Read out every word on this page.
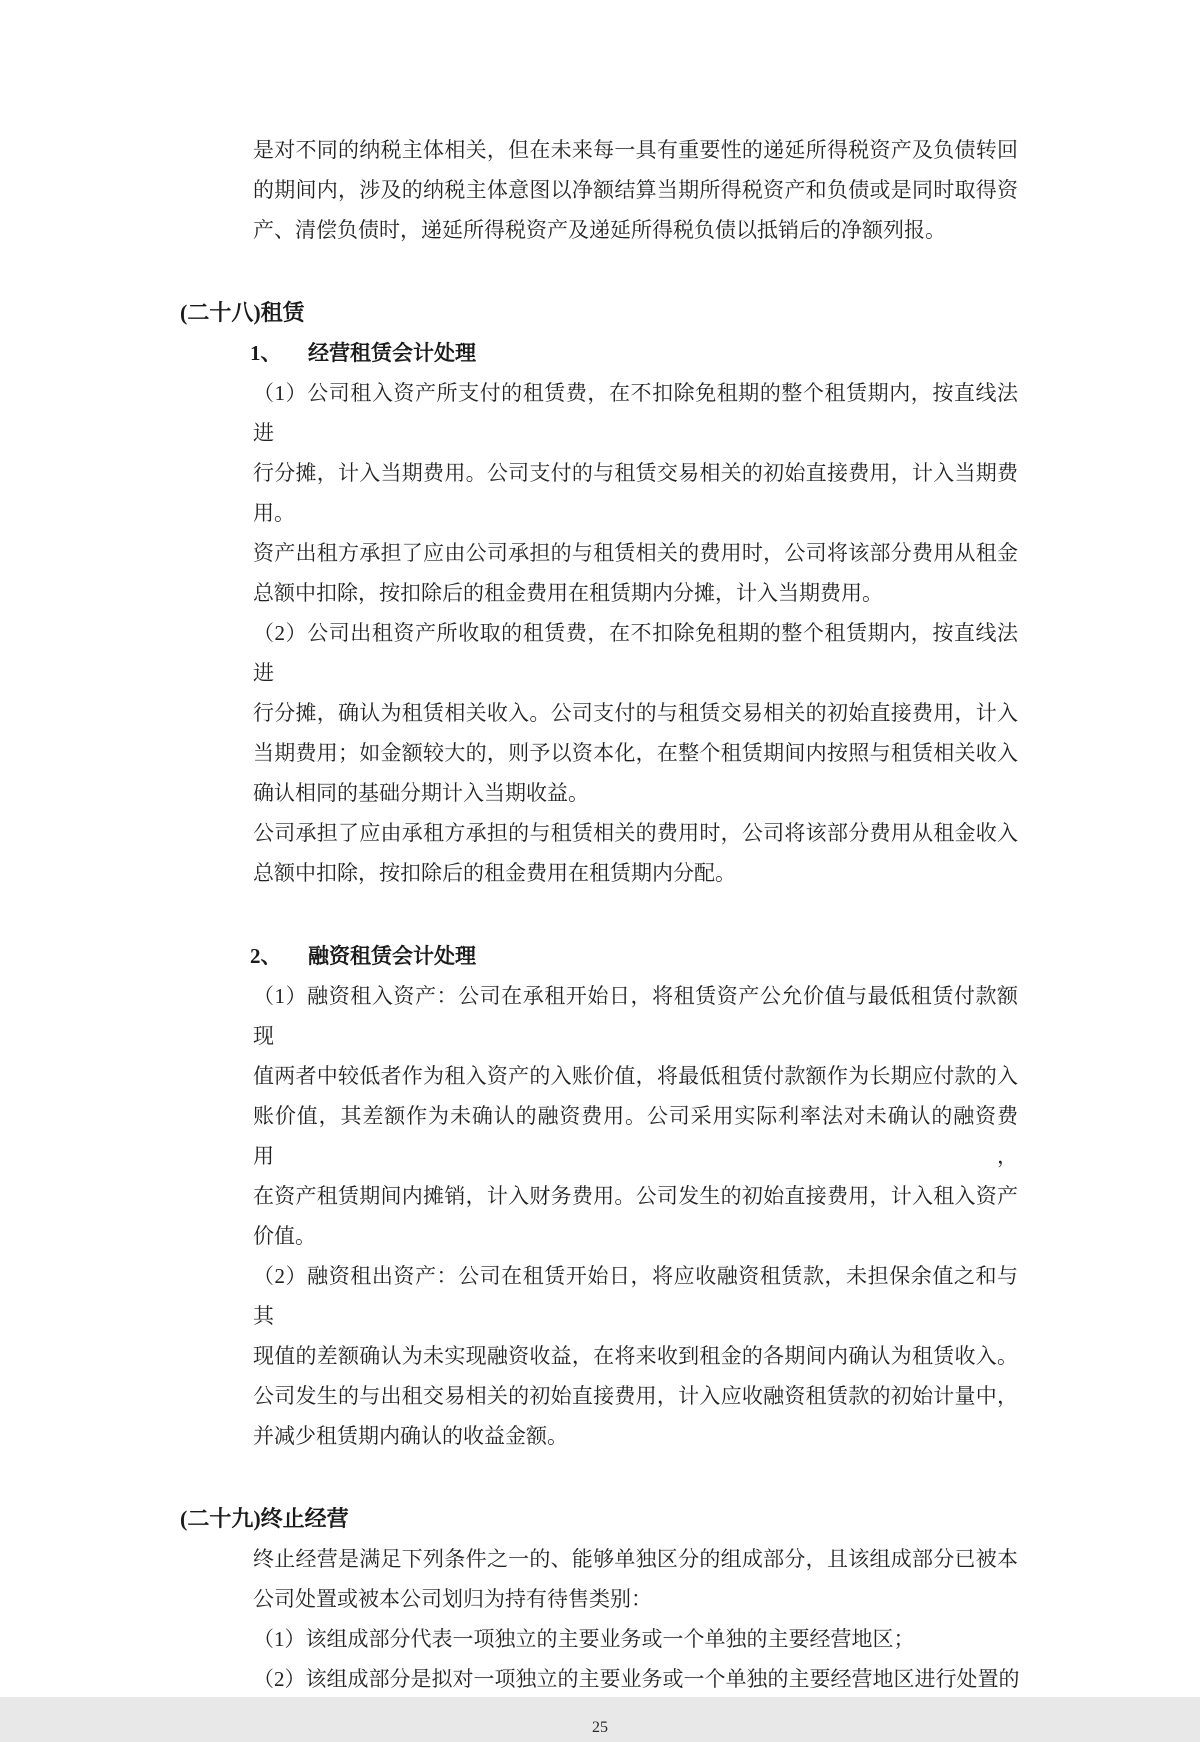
是对不同的纳税主体相关，但在未来每一具有重要性的递延所得税资产及负债转回
的期间内，涉及的纳税主体意图以净额结算当期所得税资产和负债或是同时取得资
产、清偿负债时，递延所得税资产及递延所得税负债以抵销后的净额列报。
(二十八)租赁
1、 经营租赁会计处理
（1）公司租入资产所支付的租赁费，在不扣除免租期的整个租赁期内，按直线法进
行分摊，计入当期费用。公司支付的与租赁交易相关的初始直接费用，计入当期费
用。
资产出租方承担了应由公司承担的与租赁相关的费用时，公司将该部分费用从租金
总额中扣除，按扣除后的租金费用在租赁期内分摊，计入当期费用。
（2）公司出租资产所收取的租赁费，在不扣除免租期的整个租赁期内，按直线法进
行分摊，确认为租赁相关收入。公司支付的与租赁交易相关的初始直接费用，计入
当期费用；如金额较大的，则予以资本化，在整个租赁期间内按照与租赁相关收入
确认相同的基础分期计入当期收益。
公司承担了应由承租方承担的与租赁相关的费用时，公司将该部分费用从租金收入
总额中扣除，按扣除后的租金费用在租赁期内分配。
2、 融资租赁会计处理
（1）融资租入资产：公司在承租开始日，将租赁资产公允价值与最低租赁付款额现
值两者中较低者作为租入资产的入账价值，将最低租赁付款额作为长期应付款的入
账价值，其差额作为未确认的融资费用。公司采用实际利率法对未确认的融资费用，
在资产租赁期间内摊销，计入财务费用。公司发生的初始直接费用，计入租入资产
价值。
（2）融资租出资产：公司在租赁开始日，将应收融资租赁款，未担保余值之和与其
现值的差额确认为未实现融资收益，在将来收到租金的各期间内确认为租赁收入。
公司发生的与出租交易相关的初始直接费用，计入应收融资租赁款的初始计量中，
并减少租赁期内确认的收益金额。
(二十九)终止经营
终止经营是满足下列条件之一的、能够单独区分的组成部分，且该组成部分已被本
公司处置或被本公司划归为持有待售类别：
（1）该组成部分代表一项独立的主要业务或一个单独的主要经营地区；
（2）该组成部分是拟对一项独立的主要业务或一个单独的主要经营地区进行处置的
25
